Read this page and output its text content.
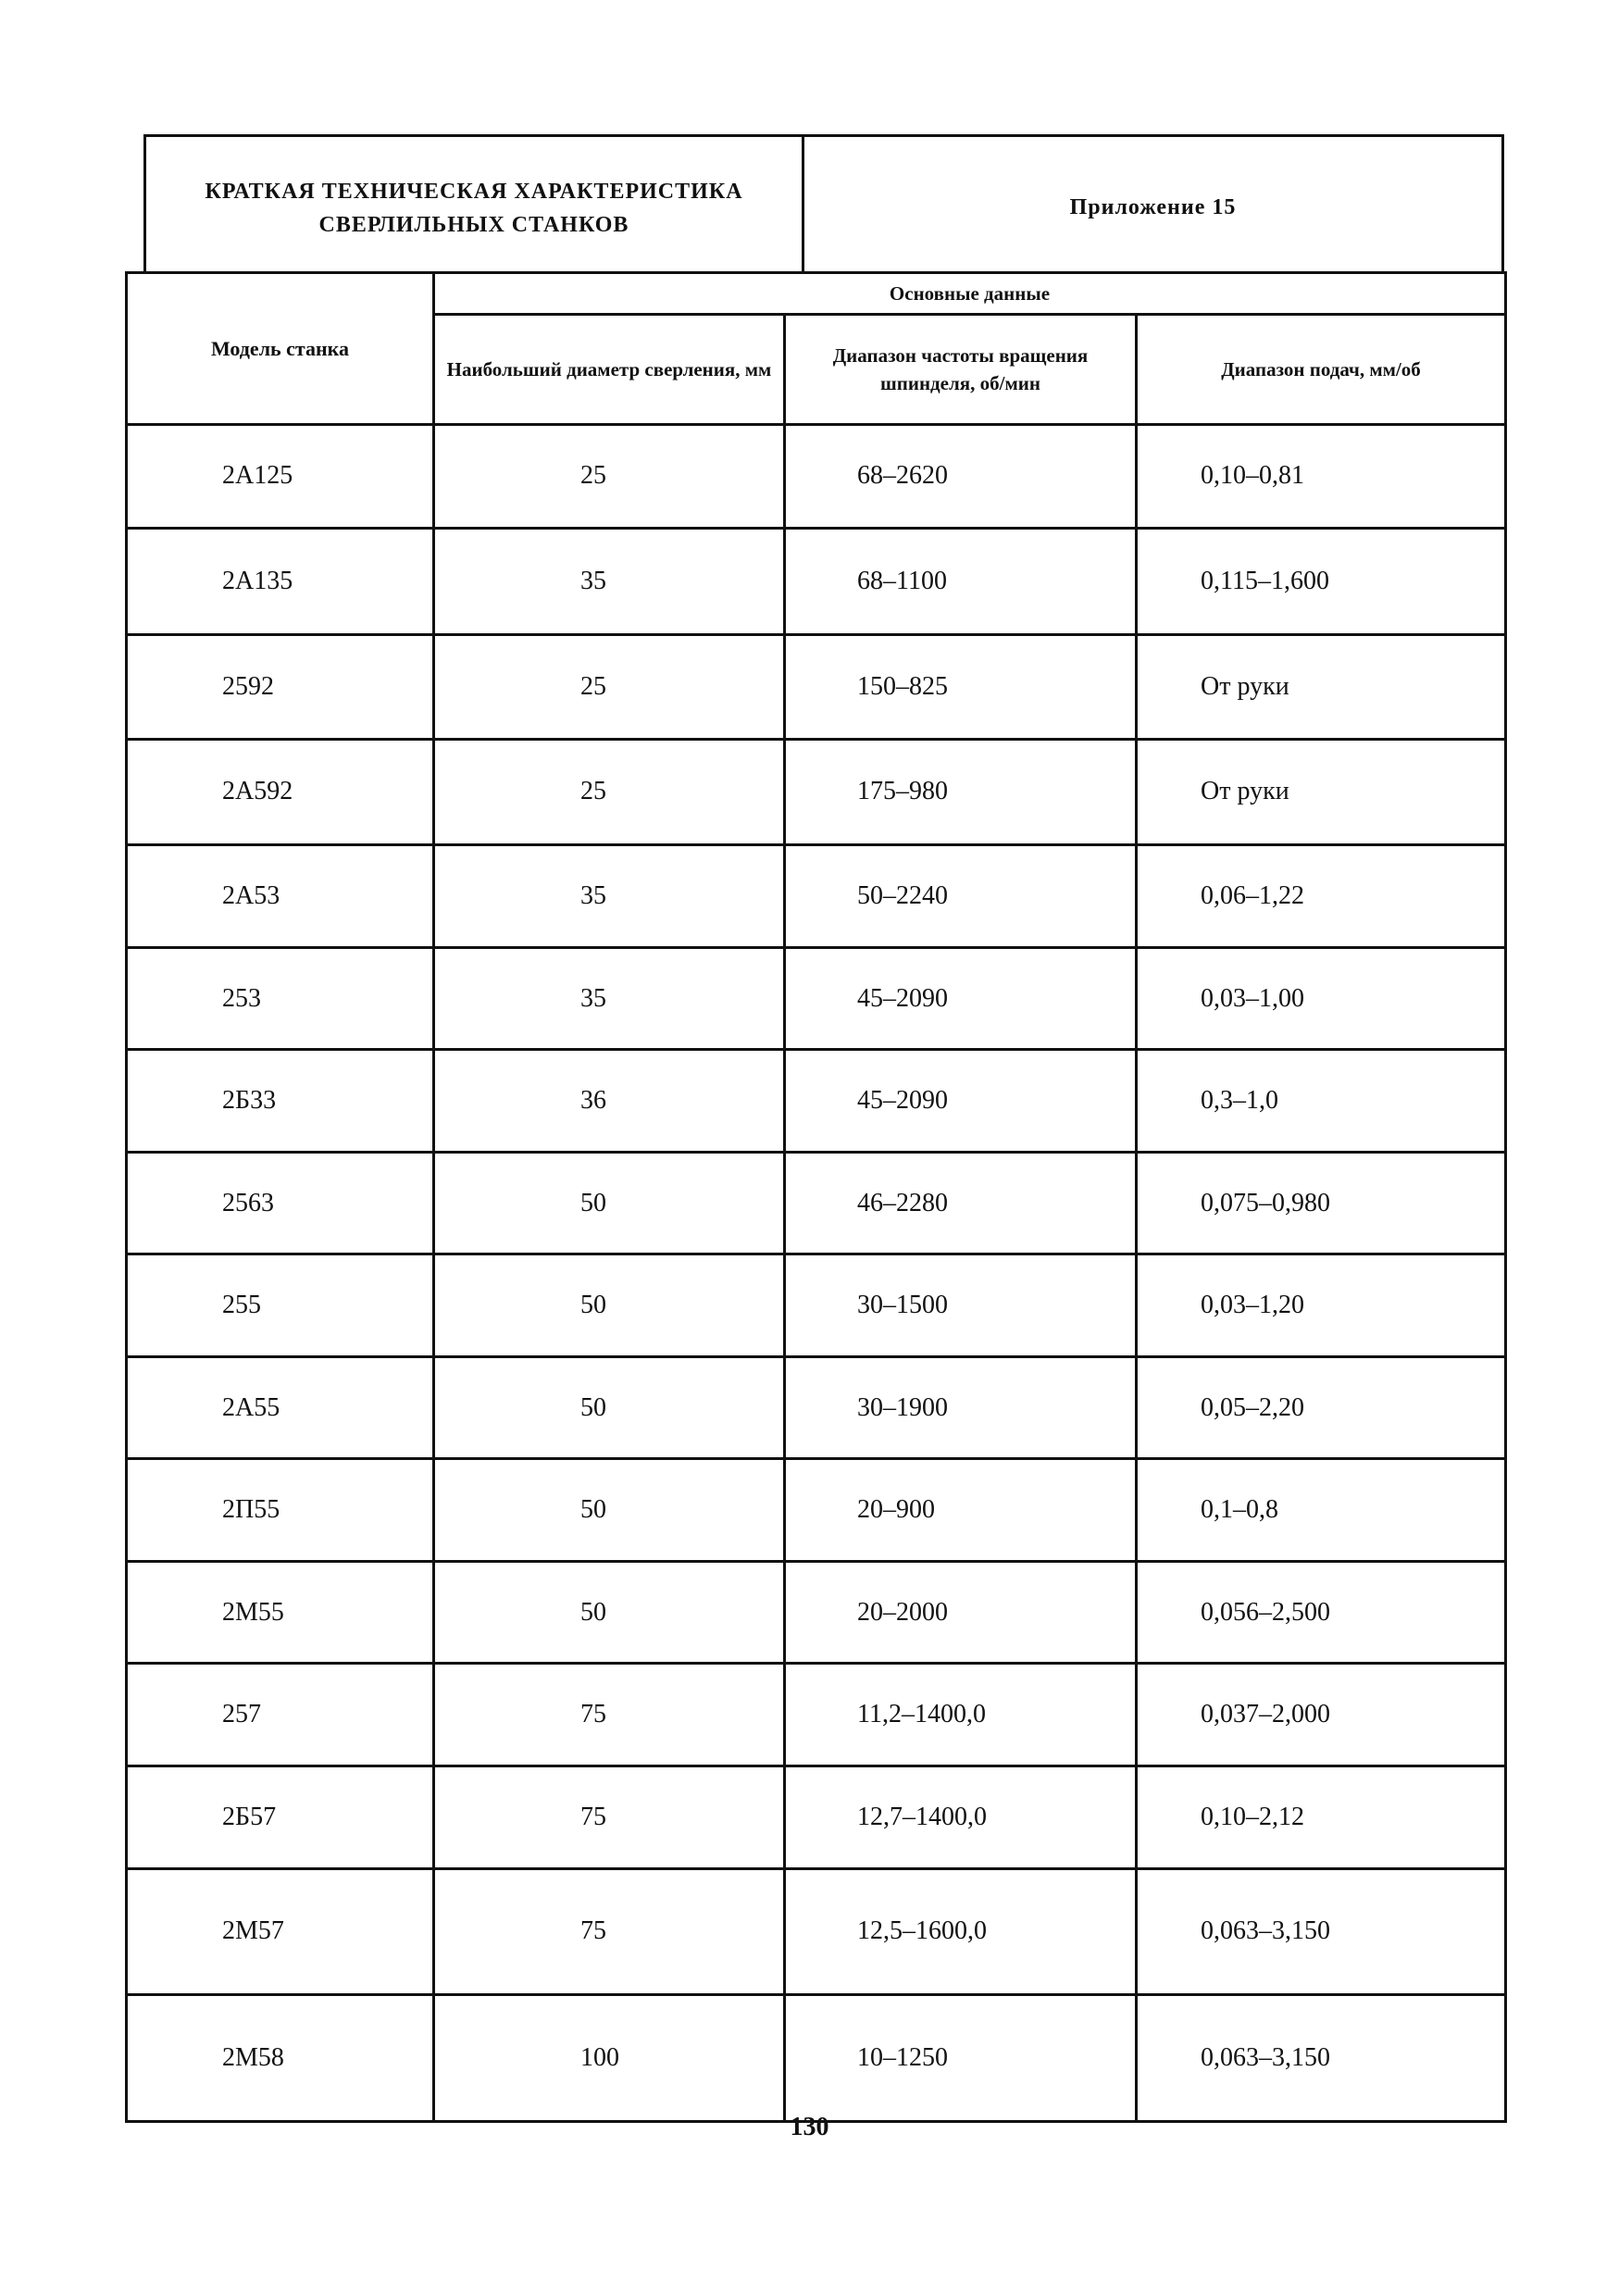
КРАТКАЯ ТЕХНИЧЕСКАЯ ХАРАКТЕРИСТИКА
СВЕРЛИЛЬНЫХ СТАНКОВ
Приложение 15
Модель станка	Основные данные		
	Наибольший диаметр сверления, мм	Диапазон частоты вращения шпинделя, об/мин	Диапазон подач, мм/об
2А125	25	68–2620	0,10–0,81
2А135	35	68–1100	0,115–1,600
2592	25	150–825	От руки
2А592	25	175–980	От руки
2А53	35	50–2240	0,06–1,22
253	35	45–2090	0,03–1,00
2Б33	36	45–2090	0,3–1,0
2563	50	46–2280	0,075–0,980
255	50	30–1500	0,03–1,20
2А55	50	30–1900	0,05–2,20
2П55	50	20–900	0,1–0,8
2М55	50	20–2000	0,056–2,500
257	75	11,2–1400,0	0,037–2,000
2Б57	75	12,7–1400,0	0,10–2,12
2М57	75	12,5–1600,0	0,063–3,150
2М58	100	10–1250	0,063–3,150
130
